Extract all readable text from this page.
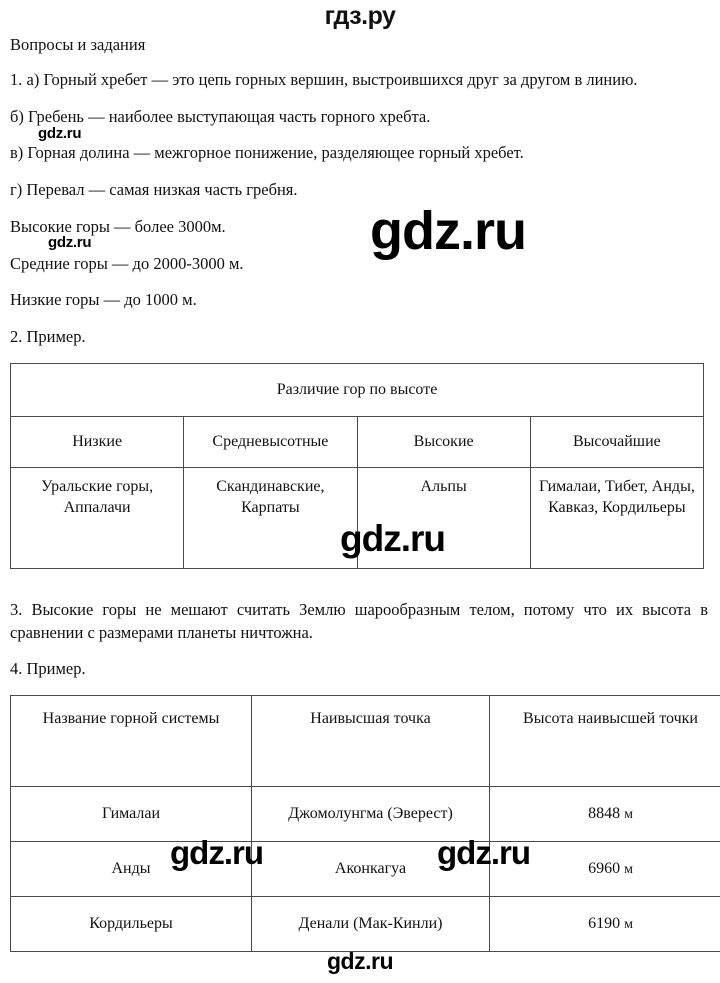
гдз.ру

Вопросы и задания

1. а) Горный хребет — это цепь горных вершин, выстроившихся друг за другом в линию.

б) Гребень — наиболее выступающая часть горного хребта.

в) Горная долина — межгорное понижение, разделяющее горный хребет.

г) Перевал — самая низкая часть гребня.

Высокие горы — более 3000м.

Средние горы — до 2000-3000 м.

Низкие горы — до 1000 м.

2. Пример.

Различие гор по высоте			
Низкие	Средневысотные	Высокие	Высочайшие
Уральские горы, Аппалачи	Скандинавские, Карпаты	Альпы	Гималаи, Тибет, Анды, Кавказ, Кордильеры

3. Высокие горы не мешают считать Землю шарообразным телом, потому что их высота в сравнении с размерами планеты ничтожна.

4. Пример.

Название горной системы	Наивысшая точка	Высота наивысшей точки
Гималаи	Джомолунгма (Эверест)	8848 м
Анды	Аконкагуа	6960 м
Кордильеры	Денали (Мак-Кинли)	6190 м
gdz.ru
gdz.ru	gdz.ru
gdz.ru
gdz.ru	gdz.ru
gdz.ru
